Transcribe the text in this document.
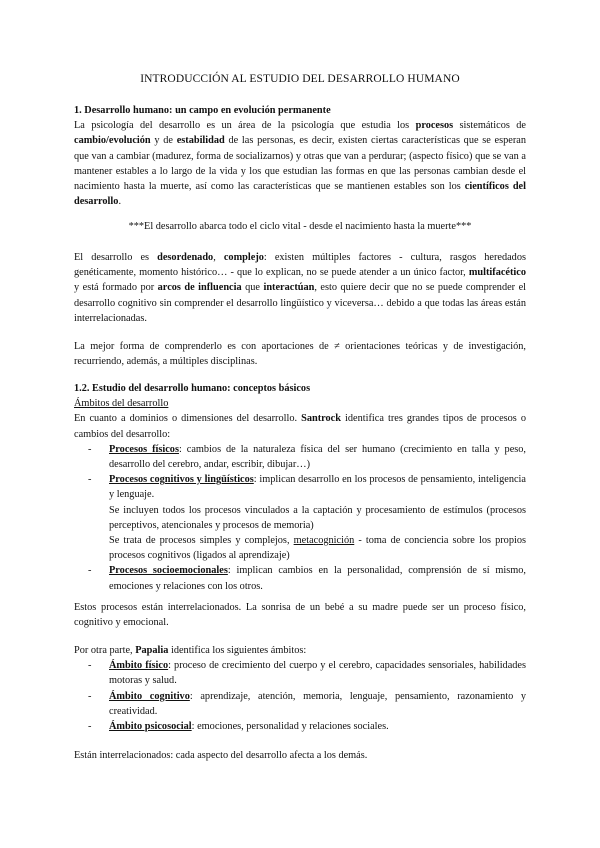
INTRODUCCIÓN AL ESTUDIO DEL DESARROLLO HUMANO
1. Desarrollo humano: un campo en evolución permanente
La psicología del desarrollo es un área de la psicología que estudia los procesos sistemáticos de cambio/evolución y de estabilidad de las personas, es decir, existen ciertas características que se esperan que van a cambiar (madurez, forma de socializarnos) y otras que van a perdurar; (aspecto físico) que se van a mantener estables a lo largo de la vida y los que estudian las formas en que las personas cambian desde el nacimiento hasta la muerte, así como las características que se mantienen estables son los científicos del desarrollo.
***El desarrollo abarca todo el ciclo vital - desde el nacimiento hasta la muerte***
El desarrollo es desordenado, complejo: existen múltiples factores - cultura, rasgos heredados genéticamente, momento histórico… - que lo explican, no se puede atender a un único factor, multifacético y está formado por arcos de influencia que interactúan, esto quiere decir que no se puede comprender el desarrollo cognitivo sin comprender el desarrollo lingüístico y viceversa… debido a que todas las áreas están interrelacionadas.
La mejor forma de comprenderlo es con aportaciones de ≠ orientaciones teóricas y de investigación, recurriendo, además, a múltiples disciplinas.
1.2. Estudio del desarrollo humano: conceptos básicos
Ámbitos del desarrollo
En cuanto a dominios o dimensiones del desarrollo. Santrock identifica tres grandes tipos de procesos o cambios del desarrollo:
- Procesos físicos: cambios de la naturaleza física del ser humano (crecimiento en talla y peso, desarrollo del cerebro, andar, escribir, dibujar…)
- Procesos cognitivos y lingüísticos: implican desarrollo en los procesos de pensamiento, inteligencia y lenguaje.
Se incluyen todos los procesos vinculados a la captación y procesamiento de estímulos (procesos perceptivos, atencionales y procesos de memoria)
Se trata de procesos simples y complejos, metacognición - toma de conciencia sobre los propios procesos cognitivos (ligados al aprendizaje)
- Procesos socioemocionales: implican cambios en la personalidad, comprensión de sí mismo, emociones y relaciones con los otros.
Estos procesos están interrelacionados. La sonrisa de un bebé a su madre puede ser un proceso físico, cognitivo y emocional.
Por otra parte, Papalia identifica los siguientes ámbitos:
- Ámbito físico: proceso de crecimiento del cuerpo y el cerebro, capacidades sensoriales, habilidades motoras y salud.
- Ámbito cognitivo: aprendizaje, atención, memoria, lenguaje, pensamiento, razonamiento y creatividad.
- Ámbito psicosocial: emociones, personalidad y relaciones sociales.
Están interrelacionados: cada aspecto del desarrollo afecta a los demás.
